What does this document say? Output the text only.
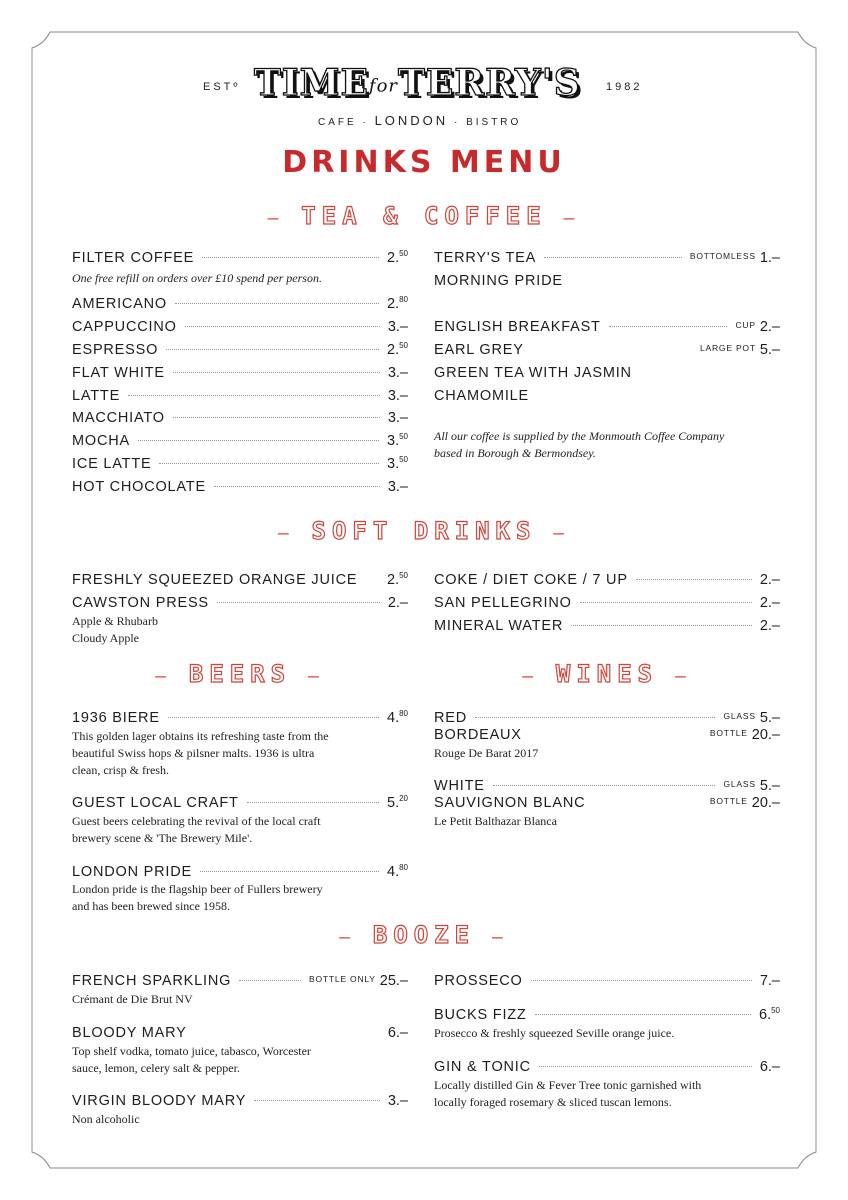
ESTº	1982
TIMEforTERRY'S
CAFE · LONDON · BISTRO
DRINKS MENU
— TEA & COFFEE —
FILTER COFFEE	2.50
One free refill on orders over £10 spend per person.
AMERICANO	2.80
CAPPUCCINO	3.–
ESPRESSO	2.50
FLAT WHITE	3.–
LATTE	3.–
MACCHIATO	3.–
MOCHA	3.50
ICE LATTE	3.50
HOT CHOCOLATE	3.–
TERRY'S TEA	BOTTOMLESS 1.–
MORNING PRIDE
ENGLISH BREAKFAST	CUP 2.–
EARL GREY	LARGE POT 5.–
GREEN TEA WITH JASMIN
CHAMOMILE
All our coffee is supplied by the Monmouth Coffee Company
based in Borough & Bermondsey.
— SOFT DRINKS —
FRESHLY SQUEEZED ORANGE JUICE 2.50
CAWSTON PRESS	2.–
Apple & Rhubarb
Cloudy Apple
COKE / DIET COKE / 7 UP	2.–
SAN PELLEGRINO	2.–
MINERAL WATER	2.–
— BEERS —	— WINES —
1936 BIERE	4.80
This golden lager obtains its refreshing taste from the
beautiful Swiss hops & pilsner malts. 1936 is ultra
clean, crisp & fresh.
GUEST LOCAL CRAFT	5.20
Guest beers celebrating the revival of the local craft
brewery scene & 'The Brewery Mile'.
LONDON PRIDE	4.80
London pride is the flagship beer of Fullers brewery
and has been brewed since 1958.
RED	GLASS 5.–
BORDEAUX	BOTTLE 20.–
Rouge De Barat 2017
WHITE	GLASS 5.–
SAUVIGNON BLANC	BOTTLE 20.–
Le Petit Balthazar Blanca
— BOOZE —
FRENCH SPARKLING	BOTTLE ONLY 25.–
Crémant de Die Brut NV
BLOODY MARY	6.–
Top shelf vodka, tomato juice, tabasco, Worcester
sauce, lemon, celery salt & pepper.
VIRGIN BLOODY MARY	3.–
Non alcoholic
PROSSECO	7.–
BUCKS FIZZ	6.50
Prosecco & freshly squeezed Seville orange juice.
GIN & TONIC	6.–
Locally distilled Gin & Fever Tree tonic garnished with
locally foraged rosemary & sliced tuscan lemons.
